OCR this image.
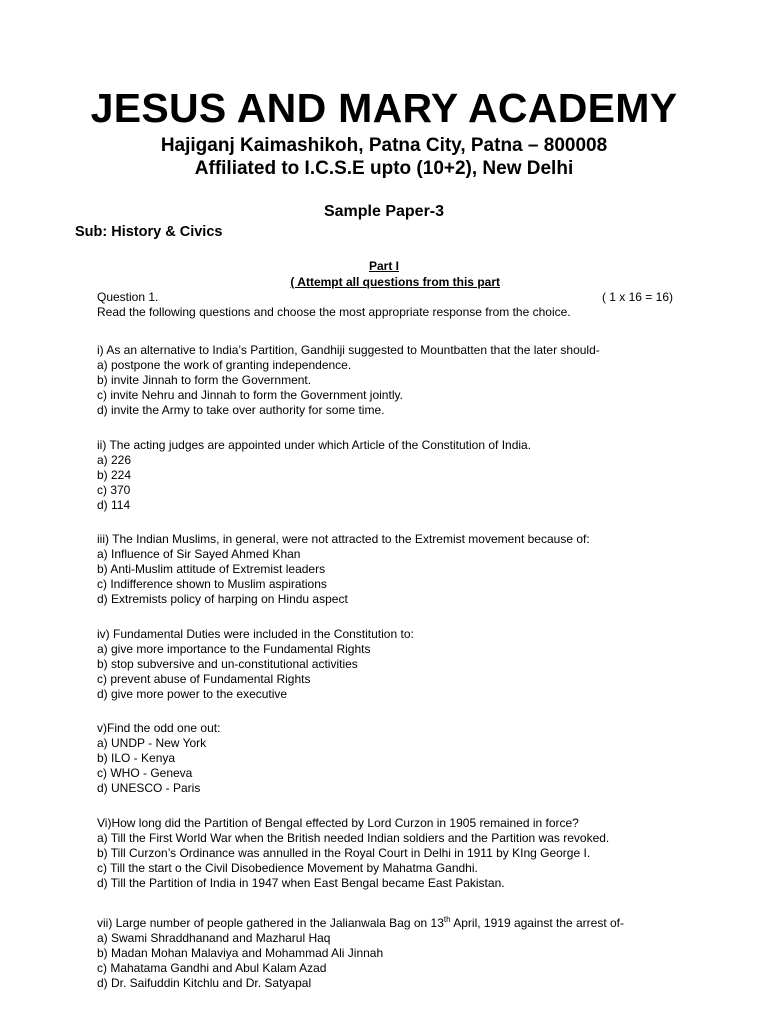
JESUS AND MARY ACADEMY
Hajiganj Kaimashikoh, Patna City, Patna – 800008
Affiliated to I.C.S.E upto (10+2), New Delhi
Sample Paper-3
Sub: History & Civics
Part I
( Attempt all questions from this part
Question 1.	( 1 x 16 = 16)
Read the following questions and choose the most appropriate response from the choice.
i) As an alternative to India’s Partition, Gandhiji suggested to Mountbatten that the later should-
a) postpone the work of granting independence.
b) invite Jinnah to form the Government.
c) invite Nehru and Jinnah to form the Government jointly.
d) invite the Army to take over authority for some time.
ii) The acting judges are appointed under which Article of the Constitution of India.
a) 226
b) 224
c) 370
d) 114
iii) The Indian Muslims, in general, were not attracted to the Extremist movement because of:
a) Influence of Sir Sayed Ahmed Khan
b) Anti-Muslim attitude of Extremist leaders
c) Indifference shown to Muslim aspirations
d) Extremists policy of harping on Hindu aspect
iv) Fundamental Duties were included in the Constitution to:
a) give more importance to the Fundamental Rights
b) stop subversive and un-constitutional activities
c) prevent abuse of Fundamental Rights
d) give more power to the executive
v)Find the odd one out:
a) UNDP - New York
b) ILO - Kenya
c) WHO - Geneva
d) UNESCO - Paris
Vi)How long did the Partition of Bengal effected by Lord Curzon in 1905 remained in force?
a) Till the First World War when the British needed Indian soldiers and the Partition was revoked.
b) Till Curzon’s Ordinance was annulled in the Royal Court in Delhi in 1911 by KIng George I.
c) Till the start o the Civil Disobedience Movement by Mahatma Gandhi.
d) Till the Partition of India in 1947 when East Bengal became East Pakistan.
vii) Large number of people gathered in the Jalianwala Bag on 13th April, 1919 against the arrest of-
a) Swami Shraddhanand and Mazharul Haq
b) Madan Mohan Malaviya and Mohammad Ali Jinnah
c) Mahatama Gandhi and Abul Kalam Azad
d) Dr. Saifuddin Kitchlu and Dr. Satyapal
